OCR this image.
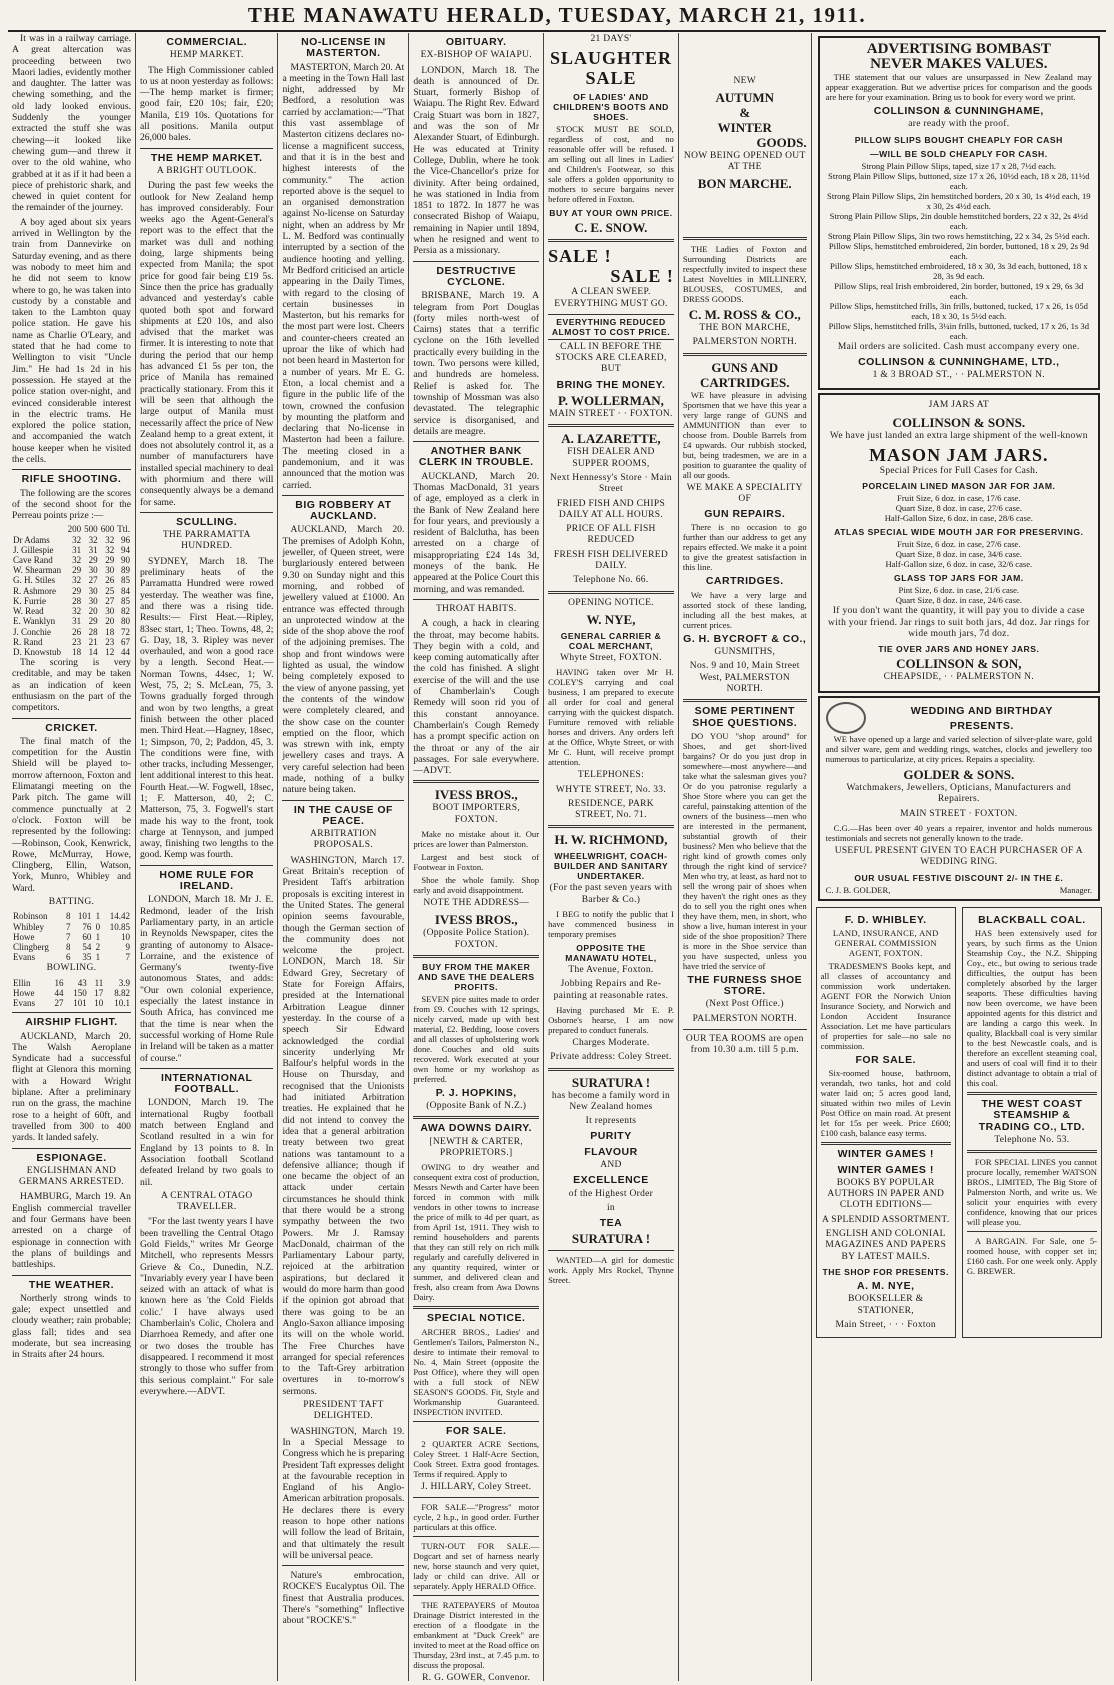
THE MANAWATU HERALD, TUESDAY, MARCH 21, 1911.

It was in a railway carriage. A great altercation was proceeding between two Maori ladies, evidently mother and daughter. The latter was chewing something, and the old lady looked envious. Suddenly the younger extracted the stuff she was chewing—it looked like chewing gum—and threw it over to the old wahine, who grabbed at it as if it had been a piece of prehistoric shark, and chewed in quiet content for the remainder of the journey.

A boy aged about six years arrived in Wellington by the train from Dannevirke on Saturday evening, and as there was nobody to meet him and he did not seem to know where to go, he was taken into custody by a constable and taken to the Lambton quay police station. He gave his name as Charlie O'Leary, and stated that he had come to Wellington to visit "Uncle Jim." He had 1s 2d in his possession. He stayed at the police station over-night, and evinced considerable interest in the electric trams. He explored the police station, and accompanied the watch house keeper when he visited the cells.

RIFLE SHOOTING.

The following are the scores of the second shoot for the Perreau points prize :—

	200	500	600	Ttl.
Dr Adams	32	32	32	96
J. Gillespie	31	31	32	94
Cave Rand	32	29	29	90
W. Shearman	29	30	30	89
G. H. Stiles	32	27	26	85
R. Ashmore	29	30	25	84
K. Furrie	28	30	27	85
W. Read	32	20	30	82
E. Wanklyn	31	29	20	80
J. Conchie	26	28	18	72
R. Rand	23	21	23	67
D. Knowstub	18	14	12	44

The scoring is very creditable, and may be taken as an indication of keen enthusiasm on the part of the competitors.

CRICKET.

The final match of the competition for the Austin Shield will be played to-morrow afternoon, Foxton and Elimatangi meeting on the Park pitch. The game will commence punctually at 2 o'clock. Foxton will be represented by the following:—Robinson, Cook, Kenwrick, Rowe, McMurray, Howe, Clingberg, Ellin, Watson, York, Munro, Whibley and Ward.

BATTING.
Robinson	8	101	1	14.42
Whibley	7	76	0	10.85
Howe	7	60	1	10
Clingberg	8	54	2	9
Evans	6	35	1	7
BOWLING.
Ellin	16	43	11	3.9
Howe	44	150	17	8.82
Evans	27	101	10	10.1
AIRSHIP FLIGHT.

AUCKLAND, March 20. The Walsh Aeroplane Syndicate had a successful flight at Glenora this morning with a Howard Wright biplane. After a preliminary run on the grass, the machine rose to a height of 60ft, and travelled from 300 to 400 yards. It landed safely.

ESPIONAGE.
ENGLISHMAN AND GERMANS ARRESTED.

HAMBURG, March 19. An English commercial traveller and four Germans have been arrested on a charge of espionage in connection with the plans of buildings and battleships.

THE WEATHER.

Northerly strong winds to gale; expect unsettled and cloudy weather; rain probable; glass fall; tides and sea moderate, but sea increasing in Straits after 24 hours.

COMMERCIAL.
HEMP MARKET.

The High Commissioner cabled to us at noon yesterday as follows:—The hemp market is firmer; good fair, £20 10s; fair, £20; Manila, £19 10s. Quotations for all positions. Manila output 26,000 bales.

THE HEMP MARKET.
A BRIGHT OUTLOOK.

During the past few weeks the outlook for New Zealand hemp has improved considerably. Four weeks ago the Agent-General's report was to the effect that the market was dull and nothing doing, large shipments being expected from Manila; the spot price for good fair being £19 5s. Since then the price has gradually advanced and yesterday's cable quoted both spot and forward shipments at £20 10s, and also advised that the market was firmer. It is interesting to note that during the period that our hemp has advanced £1 5s per ton, the price of Manila has remained practically stationary. From this it will be seen that although the large output of Manila must necessarily affect the price of New Zealand hemp to a great extent, it does not absolutely control it, as a number of manufacturers have installed special machinery to deal with phormium and there will consequently always be a demand for same.

SCULLING.
THE PARRAMATTA HUNDRED.

SYDNEY, March 18. The preliminary heats of the Parramatta Hundred were rowed yesterday. The weather was fine, and there was a rising tide. Results:— First Heat.—Ripley, 83sec start, 1; Theo. Towns, 48, 2; G. Day, 18, 3. Ripley was never overhauled, and won a good race by a length. Second Heat.—Norman Towns, 44sec, 1; W. West, 75, 2; S. McLean, 75, 3. Towns gradually forged through and won by two lengths, a great finish between the other placed men. Third Heat.—Hagney, 18sec, 1; Simpson, 70, 2; Paddon, 45, 3. The conditions were fine, with other tracks, including Messenger, lent additional interest to this heat. Fourth Heat.—W. Fogwell, 18sec, 1; F. Matterson, 40, 2; C. Matterson, 75, 3. Fogwell's start made his way to the front, took charge at Tennyson, and jumped away, finishing two lengths to the good. Kemp was fourth.

HOME RULE FOR IRELAND.

LONDON, March 18. Mr J. E. Redmond, leader of the Irish Parliamentary party, in an article in Reynolds Newspaper, cites the granting of autonomy to Alsace-Lorraine, and the existence of Germany's twenty-five autonomous States, and adds: "Our own colonial experience, especially the latest instance in South Africa, has convinced me that the time is near when the successful working of Home Rule in Ireland will be taken as a matter of course."

INTERNATIONAL FOOTBALL.

LONDON, March 19. The international Rugby football match between England and Scotland resulted in a win for England by 13 points to 8. In Association football Scotland defeated Ireland by two goals to nil.

A CENTRAL OTAGO TRAVELLER.

"For the last twenty years I have been travelling the Central Otago Gold Fields," writes Mr George Mitchell, who represents Messrs Grieve & Co., Dunedin, N.Z. "Invariably every year I have been seized with an attack of what is known here as 'the Cold Fields colic.' I have always used Chamberlain's Colic, Cholera and Diarrhoea Remedy, and after one or two doses the trouble has disappeared. I recommend it most strongly to those who suffer from this serious complaint." For sale everywhere.—ADVT.

NO-LICENSE IN MASTERTON.

MASTERTON, March 20. At a meeting in the Town Hall last night, addressed by Mr Bedford, a resolution was carried by acclamation:—"That this vast assemblage of Masterton citizens declares no-license a magnificent success, and that it is in the best and highest interests of the community." The action reported above is the sequel to an organised demonstration against No-license on Saturday night, when an address by Mr L. M. Bedford was continually interrupted by a section of the audience hooting and yelling. Mr Bedford criticised an article appearing in the Daily Times, with regard to the closing of certain businesses in Masterton, but his remarks for the most part were lost. Cheers and counter-cheers created an uproar the like of which had not been heard in Masterton for a number of years. Mr E. G. Eton, a local chemist and a figure in the public life of the town, crowned the confusion by mounting the platform and declaring that No-license in Masterton had been a failure. The meeting closed in a pandemonium, and it was announced that the motion was carried.

BIG ROBBERY AT AUCKLAND.

AUCKLAND, March 20. The premises of Adolph Kohn, jeweller, of Queen street, were burglariously entered between 9.30 on Sunday night and this morning, and robbed of jewellery valued at £1000. An entrance was effected through an unprotected window at the side of the shop above the roof of the adjoining premises. The shop and front windows were lighted as usual, the window being completely exposed to the view of anyone passing, yet the contents of the window were completely cleared, and the show case on the counter emptied on the floor, which was strewn with ink, empty jewellery cases and trays. A very careful selection had been made, nothing of a bulky nature being taken.

IN THE CAUSE OF PEACE.
ARBITRATION PROPOSALS.

WASHINGTON, March 17. Great Britain's reception of President Taft's arbitration proposals is exciting interest in the United States. The general opinion seems favourable, though the German section of the community does not welcome the project. LONDON, March 18. Sir Edward Grey, Secretary of State for Foreign Affairs, presided at the International Arbitration League dinner yesterday. In the course of a speech Sir Edward acknowledged the cordial sincerity underlying Mr Balfour's helpful words in the House on Thursday, and recognised that the Unionists had initiated Arbitration treaties. He explained that he did not intend to convey the idea that a general arbitration treaty between two great nations was tantamount to a defensive alliance; though if one became the object of an attack under certain circumstances he should think that there would be a strong sympathy between the two Powers. Mr J. Ramsay MacDonald, chairman of the Parliamentary Labour party, rejoiced at the arbitration aspirations, but declared it would do more harm than good if the opinion got abroad that there was going to be an Anglo-Saxon alliance imposing its will on the whole world. The Free Churches have arranged for special references to the Taft-Grey arbitration overtures in to-morrow's sermons.

PRESIDENT TAFT DELIGHTED.

WASHINGTON, March 19. In a Special Message to Congress which he is preparing President Taft expresses delight at the favourable reception in England of his Anglo-American arbitration proposals. He declares there is every reason to hope other nations will follow the lead of Britain, and that ultimately the result will be universal peace.

Nature's embrocation, ROCKE'S Eucalyptus Oil. The finest that Australia produces. There's "something" Inflective about "ROCKE'S."

OBITUARY.
EX-BISHOP OF WAIAPU.

LONDON, March 18. The death is announced of Dr. Stuart, formerly Bishop of Waiapu. The Right Rev. Edward Craig Stuart was born in 1827, and was the son of Mr Alexander Stuart, of Edinburgh. He was educated at Trinity College, Dublin, where he took the Vice-Chancellor's prize for divinity. After being ordained, he was stationed in India from 1851 to 1872. In 1877 he was consecrated Bishop of Waiapu, remaining in Napier until 1894, when he resigned and went to Persia as a missionary.

DESTRUCTIVE CYCLONE.

BRISBANE, March 19. A telegram from Port Douglas (forty miles north-west of Cairns) states that a terrific cyclone on the 16th levelled practically every building in the town. Two persons were killed, and hundreds are homeless. Relief is asked for. The township of Mossman was also devastated. The telegraphic service is disorganised, and details are meagre.

ANOTHER BANK CLERK IN TROUBLE.

AUCKLAND, March 20. Thomas MacDonald, 31 years of age, employed as a clerk in the Bank of New Zealand here for four years, and previously a resident of Balclutha, has been arrested on a charge of misappropriating £24 14s 3d, moneys of the bank. He appeared at the Police Court this morning, and was remanded.

THROAT HABITS.

A cough, a hack in clearing the throat, may become habits. They begin with a cold, and keep coming automatically after the cold has finished. A slight exercise of the will and the use of Chamberlain's Cough Remedy will soon rid you of this constant annoyance. Chamberlain's Cough Remedy has a prompt specific action on the throat or any of the air passages. For sale everywhere.—ADVT.

IVESS BROS.,
BOOT IMPORTERS, FOXTON.

Make no mistake about it. Our prices are lower than Palmerston.

Largest and best stock of Footwear in Foxton.

Shoe the whole family. Shop early and avoid disappointment.

NOTE THE ADDRESS—
IVESS BROS.,
(Opposite Police Station). FOXTON.
BUY FROM THE MAKER AND SAVE THE DEALERS PROFITS.

SEVEN pice suites made to order from £9. Couches with 12 springs, nicely carved, made up with best material, £2. Bedding, loose covers and all classes of upholstering work done. Couches and old suits recovered. Work executed at your own home or my workshop as preferred.

P. J. HOPKINS,
(Opposite Bank of N.Z.)
AWA DOWNS DAIRY.
[NEWTH & CARTER, PROPRIETORS.]

OWING to dry weather and consequent extra cost of production, Messrs Newth and Carter have been forced in common with milk vendors in other towns to increase the price of milk to 4d per quart, as from April 1st, 1911. They wish to remind householders and parents that they can still rely on rich milk regularly and carefully delivered in any quantity required, winter or summer, and delivered clean and fresh, also cream from Awa Downs Dairy.

SPECIAL NOTICE.

ARCHER BROS., Ladies' and Gentlemen's Tailors, Palmerston N., desire to intimate their removal to No. 4, Main Street (opposite the Post Office), where they will open with a full stock of NEW SEASON'S GOODS. Fit, Style and Workmanship Guaranteed. INSPECTION INVITED.

FOR SALE.

2 QUARTER ACRE Sections, Coley Street. 1 Half-Acre Section, Cook Street. Extra good frontages. Terms if required. Apply to

J. HILLARY, Coley Street.

FOR SALE—"Progress" motor cycle, 2 h.p., in good order. Further particulars at this office.

TURN-OUT FOR SALE.—Dogcart and set of harness nearly new, horse staunch and very quiet, lady or child can drive. All or separately. Apply HERALD Office.

THE RATEPAYERS of Moutoa Drainage District interested in the erection of a floodgate in the embankment at "Duck Creek" are invited to meet at the Road office on Thursday, 23rd inst., at 7.45 p.m. to discuss the proposal.

R. G. GOWER, Convenor.
21 DAYS'
SLAUGHTER
SALE
OF LADIES' AND CHILDREN'S BOOTS AND SHOES.

STOCK MUST BE SOLD, regardless of cost, and no reasonable offer will be refused. I am selling out all lines in Ladies' and Children's Footwear, so this sale offers a golden opportunity to mothers to secure bargains never before offered in Foxton.

BUY AT YOUR OWN PRICE.
C. E. SNOW.
SALE !
SALE !
A CLEAN SWEEP. EVERYTHING MUST GO.
EVERYTHING REDUCED ALMOST TO COST PRICE.
CALL IN BEFORE THE STOCKS ARE CLEARED, BUT
BRING THE MONEY.
P. WOLLERMAN,
MAIN STREET · · FOXTON.
A. LAZARETTE,
FISH DEALER AND SUPPER ROOMS,
Next Hennessy's Store · Main Street
FRIED FISH AND CHIPS DAILY AT ALL HOURS.
PRICE OF ALL FISH REDUCED
FRESH FISH DELIVERED DAILY.
Telephone No. 66.
OPENING NOTICE.
W. NYE,
GENERAL CARRIER & COAL MERCHANT,
Whyte Street, FOXTON.

HAVING taken over Mr H. COLEY'S carrying and coal business, I am prepared to execute all order for coal and general carrying with the quickest dispatch. Furniture removed with reliable horses and drivers. Any orders left at the Office, Whyte Street, or with Mr C. Hunt, will receive prompt attention.

TELEPHONES:
WHYTE STREET, No. 33.
RESIDENCE, PARK STREET, No. 71.
H. W. RICHMOND,
WHEELWRIGHT, COACH-BUILDER AND SANITARY UNDERTAKER.
(For the past seven years with Barber & Co.)

I BEG to notify the public that I have commenced business in temporary premises

OPPOSITE THE MANAWATU HOTEL,
The Avenue, Foxton.
Jobbing Repairs and Re-painting at reasonable rates.

Having purchased Mr E. P. Osborne's hearse, I am now prepared to conduct funerals.

Charges Moderate.
Private address: Coley Street.
SURATURA !
has become a family word in New Zealand homes
It represents
PURITY
FLAVOUR
AND
EXCELLENCE
of the Highest Order
in
TEA
SURATURA !

WANTED—A girl for domestic work. Apply Mrs Rockel, Thynne Street.

NEW
AUTUMN
&
WINTER
GOODS.
NOW BEING OPENED OUT AT THE
BON MARCHE.

THE Ladies of Foxton and Surrounding Districts are respectfully invited to inspect these Latest Novelties in MILLINERY, BLOUSES, COSTUMES, and DRESS GOODS.

C. M. ROSS & CO.,
THE BON MARCHE,
PALMERSTON NORTH.
GUNS AND CARTRIDGES.

WE have pleasure in advising Sportsmen that we have this year a very large range of GUNS and AMMUNITION than ever to choose from. Double Barrels from £4 upwards. Our rubbish stocked, but, being tradesmen, we are in a position to guarantee the quality of all our goods.

WE MAKE A SPECIALITY OF
GUN REPAIRS.

There is no occasion to go further than our address to get any repairs effected. We make it a point to give the greatest satisfaction in this line.

CARTRIDGES.

We have a very large and assorted stock of these landing, including all the best makes, at current prices.

G. H. BYCROFT & CO.,
GUNSMITHS,
Nos. 9 and 10, Main Street West, PALMERSTON NORTH.
SOME PERTINENT SHOE QUESTIONS.

DO YOU "shop around" for Shoes, and get short-lived bargains? Or do you just drop in somewhere—most anywhere—and take what the salesman gives you? Or do you patronise regularly a Shoe Store where you can get the careful, painstaking attention of the owners of the business—men who are interested in the permanent, substantial growth of their business? Men who believe that the right kind of growth comes only through the right kind of service? Men who try, at least, as hard not to sell the wrong pair of shoes when they haven't the right ones as they do to sell you the right ones when they have them, men, in short, who show a live, human interest in your side of the shoe proposition? There is more in the Shoe service than you have suspected, unless you have tried the service of

THE FURNESS SHOE STORE.
(Next Post Office.)
PALMERSTON NORTH.
OUR TEA ROOMS are open from 10.30 a.m. till 5 p.m.
ADVERTISING BOMBAST
NEVER MAKES VALUES.

THE statement that our values are unsurpassed in New Zealand may appear exaggeration. But we advertise prices for comparison and the goods are here for your examination. Bring us to book for every word we print.

COLLINSON & CUNNINGHAME,
are ready with the proof.
PILLOW SLIPS BOUGHT CHEAPLY FOR CASH
—WILL BE SOLD CHEAPLY FOR CASH.
Strong Plain Pillow Slips, taped, size 17 x 28, 7½d each.
Strong Plain Pillow Slips, buttoned, size 17 x 26, 10½d each, 18 x 28, 11½d each.
Strong Plain Pillow Slips, 2in hemstitched borders, 20 x 30, 1s 4½d each, 19 x 30, 2s 4½d each.
Strong Plain Pillow Slips, 2in double hemstitched borders, 22 x 32, 2s 4½d each.
Strong Plain Pillow Slips, 3in two rows hemstitching, 22 x 34, 2s 5½d each.
Pillow Slips, hemstitched embroidered, 2in border, buttoned, 18 x 29, 2s 9d each.
Pillow Slips, hemstitched embroidered, 18 x 30, 3s 3d each, buttoned, 18 x 28, 3s 9d each.
Pillow Slips, real Irish embroidered, 2in border, buttoned, 19 x 29, 6s 3d each.
Pillow Slips, hemstitched frills, 3in frills, buttoned, tucked, 17 x 26, 1s 05d each, 18 x 30, 1s 5½d each.
Pillow Slips, hemstitched frills, 3¼in frills, buttoned, tucked, 17 x 26, 1s 3d each.
Mail orders are solicited. Cash must accompany every one.
COLLINSON & CUNNINGHAME, LTD.,
1 & 3 BROAD ST., · · PALMERSTON N.
JAM JARS AT
COLLINSON & SONS.
We have just landed an extra large shipment of the well-known
MASON JAM JARS.
Special Prices for Full Cases for Cash.
PORCELAIN LINED MASON JAR FOR JAM.
Fruit Size, 6 doz. in case, 17/6 case.
Quart Size, 8 doz. in case, 27/6 case.
Half-Gallon Size, 6 doz. in case, 28/6 case.
ATLAS SPECIAL WIDE MOUTH JAR FOR PRESERVING.
Fruit Size, 6 doz. in case, 27/6 case.
Quart Size, 8 doz. in case, 34/6 case.
Half-Gallon size, 6 doz. in case, 32/6 case.
GLASS TOP JARS FOR JAM.
Pint Size, 6 doz. in case, 21/6 case.
Quart Size, 8 doz. in case, 24/6 case.
If you don't want the quantity, it will pay you to divide a case with your friend. Jar rings to suit both jars, 4d doz. Jar rings for wide mouth jars, 7d doz.
TIE OVER JARS AND HONEY JARS.
COLLINSON & SON,
CHEAPSIDE, · · PALMERSTON N.
WEDDING AND BIRTHDAY
PRESENTS.

WE have opened up a large and varied selection of silver-plate ware, gold and silver ware, gem and wedding rings, watches, clocks and jewellery too numerous to particularize, at city prices. Repairs a speciality.

GOLDER & SONS.
Watchmakers, Jewellers, Opticians, Manufacturers and Repairers.
MAIN STREET · FOXTON.

C.G.—Has been over 40 years a repairer, inventor and holds numerous testimonials and secrets not generally known to the trade.

USEFUL PRESENT GIVEN TO EACH PURCHASER OF A WEDDING RING.
OUR USUAL FESTIVE DISCOUNT 2/- IN THE £.
C. J. B. GOLDER,	Manager.
F. D. WHIBLEY.
LAND, INSURANCE, AND GENERAL COMMISSION AGENT, FOXTON.

TRADESMEN'S Books kept, and all classes of accountancy and commission work undertaken. AGENT FOR the Norwich Union Insurance Society, and Norwich and London Accident Insurance Association. Let me have particulars of properties for sale—no sale no commission.

FOR SALE.

Six-roomed house, bathroom, verandah, two tanks, hot and cold water laid on; 5 acres good land, situated within two miles of Levin Post Office on main road. At present let for 15s per week. Price £600; £100 cash, balance easy terms.

WINTER GAMES !
WINTER GAMES !
BOOKS BY POPULAR AUTHORS IN PAPER AND CLOTH EDITIONS—
A SPLENDID ASSORTMENT.
ENGLISH AND COLONIAL MAGAZINES AND PAPERS BY LATEST MAILS.
THE SHOP FOR PRESENTS.
A. M. NYE,
BOOKSELLER & STATIONER,
Main Street, · · · Foxton
BLACKBALL COAL.

HAS been extensively used for years, by such firms as the Union Steamship Coy., the N.Z. Shipping Coy., etc., but owing to serious trade difficulties, the output has been completely absorbed by the larger seaports. These difficulties having now been overcome, we have been appointed agents for this district and are landing a cargo this week. In quality, Blackball coal is very similar to the best Newcastle coals, and is therefore an excellent steaming coal, and users of coal will find it to their distinct advantage to obtain a trial of this coal.

THE WEST COAST STEAMSHIP & TRADING CO., LTD.
Telephone No. 53.

FOR SPECIAL LINES you cannot procure locally, remember WATSON BROS., LIMITED, The Big Store of Palmerston North, and write us. We solicit your enquiries with every confidence, knowing that our prices will please you.

A BARGAIN. For Sale, one 5-roomed house, with copper set in; £160 cash. For one week only. Apply G. BREWER.
